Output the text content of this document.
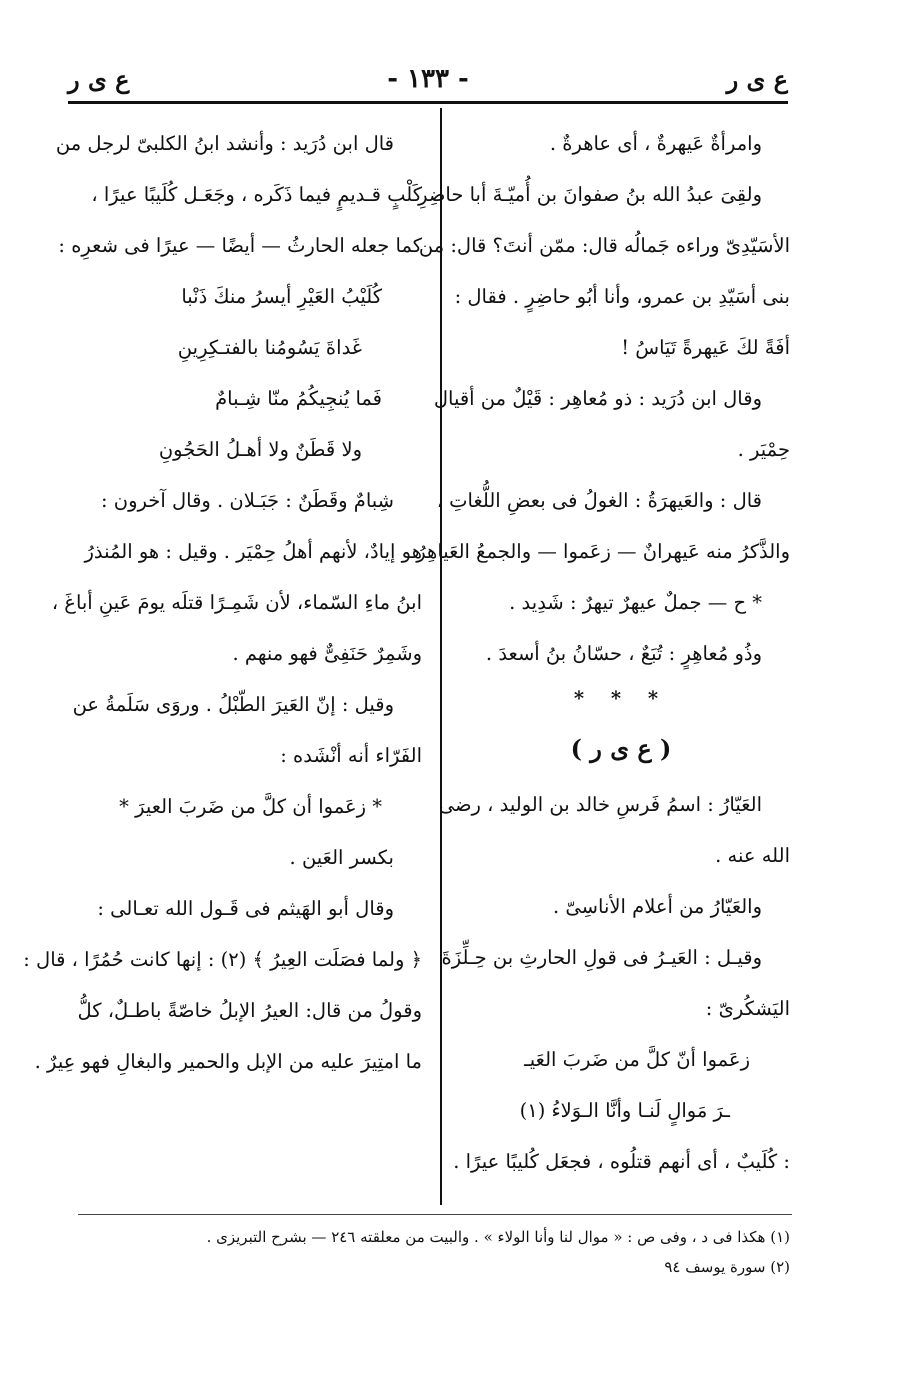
ع ى ر	- ١٣٣ -	ع ى ر
وامرأةٌ عَيهرةٌ ، أى عاهرةٌ .
ولقِىَ عبدُ الله بنُ صفوانَ بن أُميّـةَ أبا حاضِرِ
الأسَيّدِىّ وراءه جَمالُه قال: ممّن أنتَ؟ قال: من
بنى أسَيّدِ بن عمرو، وأنا أبُو حاضِرٍ . فقال :
أفَةً لكَ عَيهرةً تَيَاسُ !
وقال ابن دُرَيد : ذو مُعاهِر : قَيْلٌ من أقيال
حِمْيَر .
قال : والعَيهرَةُ : الغولُ فى بعضِ اللُّغاتِ ،
والذَّكرُ منه عَيهرانٌ — زعَموا — والجمعُ العَياهِرُ
* ح — جملٌ عيهرٌ تيهرٌ : شَدِيد .
وذُو مُعاهِرٍ : تُبَعٌ ، حسّانُ بنُ أسعدَ .
* * *
( ع ى ر )
العَيّارُ : اسمُ فَرسِ خالد بن الوليد ، رضى
الله عنه .
والعَيّارُ من أعلام الأناسِىّ .
وقيـل : العَيـرُ فى قولِ الحارثِ بن حِـلِّزَةَ
اليَشكُرىّ :
زعَموا أنّ كلَّ من ضَربَ العَيـ
ـرَ مَوالٍ لَنـا وأنَّا الـوَلاءُ (١)
: كُلَيبٌ ، أى أنهم قتلُوه ، فجعَل كُليبًا عيرًا .
قال ابن دُرَيد : وأنشد ابنُ الكلبىّ لرجل من
كَلْبٍ قـديمٍ فيما ذَكَره ، وجَعَـل كُلَيبًا عيرًا ،
كما جعله الحارثُ — أيضًا — عيرًا فى شعرِه :
كُلَيْبُ العَيْرِ أيسرُ منكَ ذَنْبا
غَداةَ يَسُومُنا بالفتـكِرِينِ
فَما يُنجِيكُمُ منّا شِـبامٌ
ولا قَطَنٌ ولا أهـلُ الحَجُونِ
شِبامٌ وقَطَنٌ : جَبَـلان . وقال آخرون :
هو إيادٌ، لأنهم أهلُ حِمْيَر . وقيل : هو المُنذرُ
ابنُ ماءِ السّماء، لأن شَمِـرًا قتلَه يومَ عَينِ أباغَ ،
وشَمِرٌ حَنَفِىٌّ فهو منهم .
وقيل : إنّ العَيرَ الطّبْلُ . وروَى سَلَمةُ عن
الفَرّاء أنه أنْشَده :
* زعَموا أن كلَّ من ضَربَ العيرَ *
بكسر العَين .
وقال أبو الهَيثم فى قَـول الله تعـالى :
﴿ ولما فصَلَت العِيرُ ﴾ (٢) : إنها كانت حُمُرًا ، قال :
وقولُ من قال: العيرُ الإبلُ خاصّةً باطـلٌ، كلُّ
ما امتِيرَ عليه من الإبل والحمير والبغالِ فهو عِيرٌ .
(١) هكذا فى د ، وفى ص : « موال لنا وأنا الولاء » . والبيت من معلقته ٢٤٦ — بشرح التبريزى .
(٢) سورة يوسف ٩٤
